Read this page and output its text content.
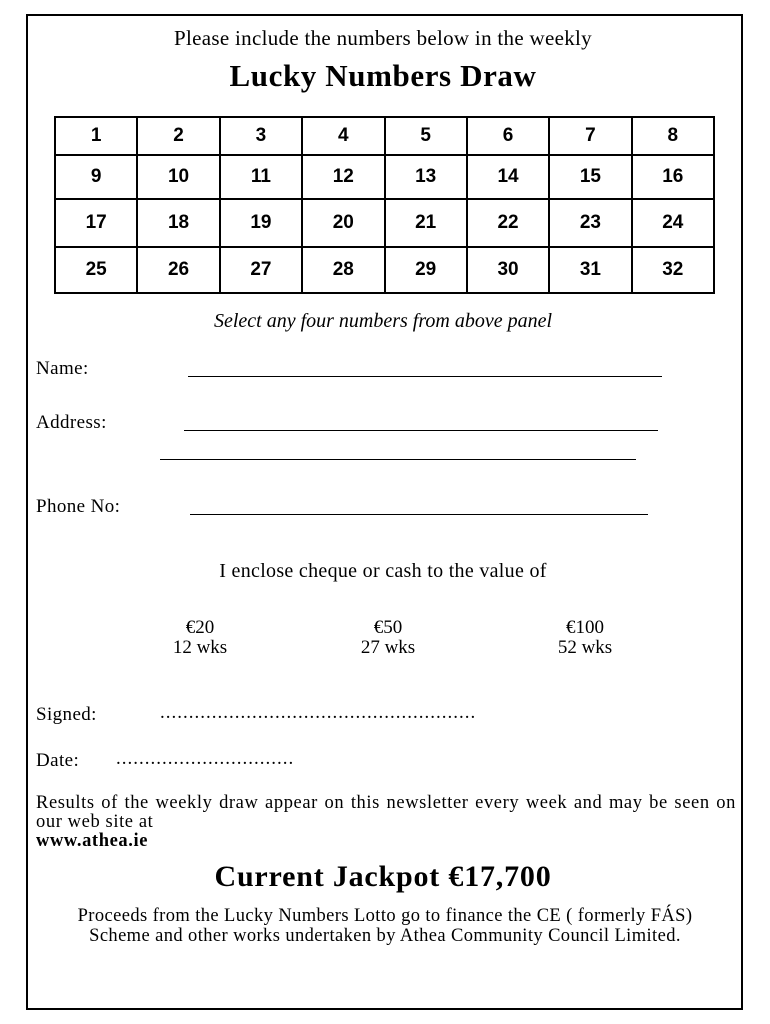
Please include the numbers below in the weekly
Lucky Numbers Draw
1	2	3	4	5	6	7	8
9	10	11	12	13	14	15	16
17	18	19	20	21	22	23	24
25	26	27	28	29	30	31	32
Select any four numbers from above panel
Name:
Address:
Phone No:
I enclose cheque or cash to the value of
€20
12 wks
€50
27 wks
€100
52 wks
Signed:	.......................................................
Date: ...............................
Results of the weekly draw appear on this newsletter every week and may be seen on our web site at
www.athea.ie
Current Jackpot €17,700
Proceeds from the Lucky Numbers Lotto go to finance the CE ( formerly FÁS) Scheme and other works undertaken by Athea Community Council Limited.
